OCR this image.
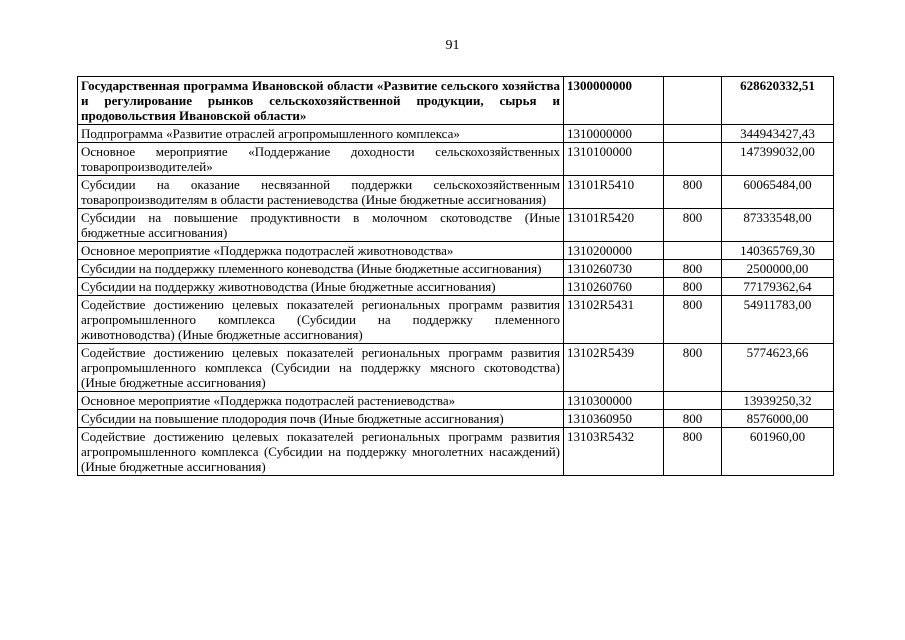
91
Государственная программа Ивановской области «Развитие сельского хозяйства и регулирование рынков сельскохозяйственной продукции, сырья и продовольствия Ивановской области»	1300000000		628620332,51
Подпрограмма «Развитие отраслей агропромышленного комплекса»	1310000000		344943427,43
Основное мероприятие «Поддержание доходности сельскохозяйственных товаропроизводителей»	1310100000		147399032,00
Субсидии на оказание несвязанной поддержки сельскохозяйственным товаропроизводителям в области растениеводства (Иные бюджетные ассигнования)	13101R5410	800	60065484,00
Субсидии на повышение продуктивности в молочном скотоводстве (Иные бюджетные ассигнования)	13101R5420	800	87333548,00
Основное мероприятие «Поддержка подотраслей животноводства»	1310200000		140365769,30
Субсидии на поддержку племенного коневодства (Иные бюджетные ассигнования)	1310260730	800	2500000,00
Субсидии на поддержку животноводства (Иные бюджетные ассигнования)	1310260760	800	77179362,64
Содействие достижению целевых показателей региональных программ развития агропромышленного комплекса (Субсидии на поддержку племенного животноводства) (Иные бюджетные ассигнования)	13102R5431	800	54911783,00
Содействие достижению целевых показателей региональных программ развития агропромышленного комплекса (Субсидии на поддержку мясного скотоводства) (Иные бюджетные ассигнования)	13102R5439	800	5774623,66
Основное мероприятие «Поддержка подотраслей растениеводства»	1310300000		13939250,32
Субсидии на повышение плодородия почв (Иные бюджетные ассигнования)	1310360950	800	8576000,00
Содействие достижению целевых показателей региональных программ развития агропромышленного комплекса (Субсидии на поддержку многолетних насаждений) (Иные бюджетные ассигнования)	13103R5432	800	601960,00
